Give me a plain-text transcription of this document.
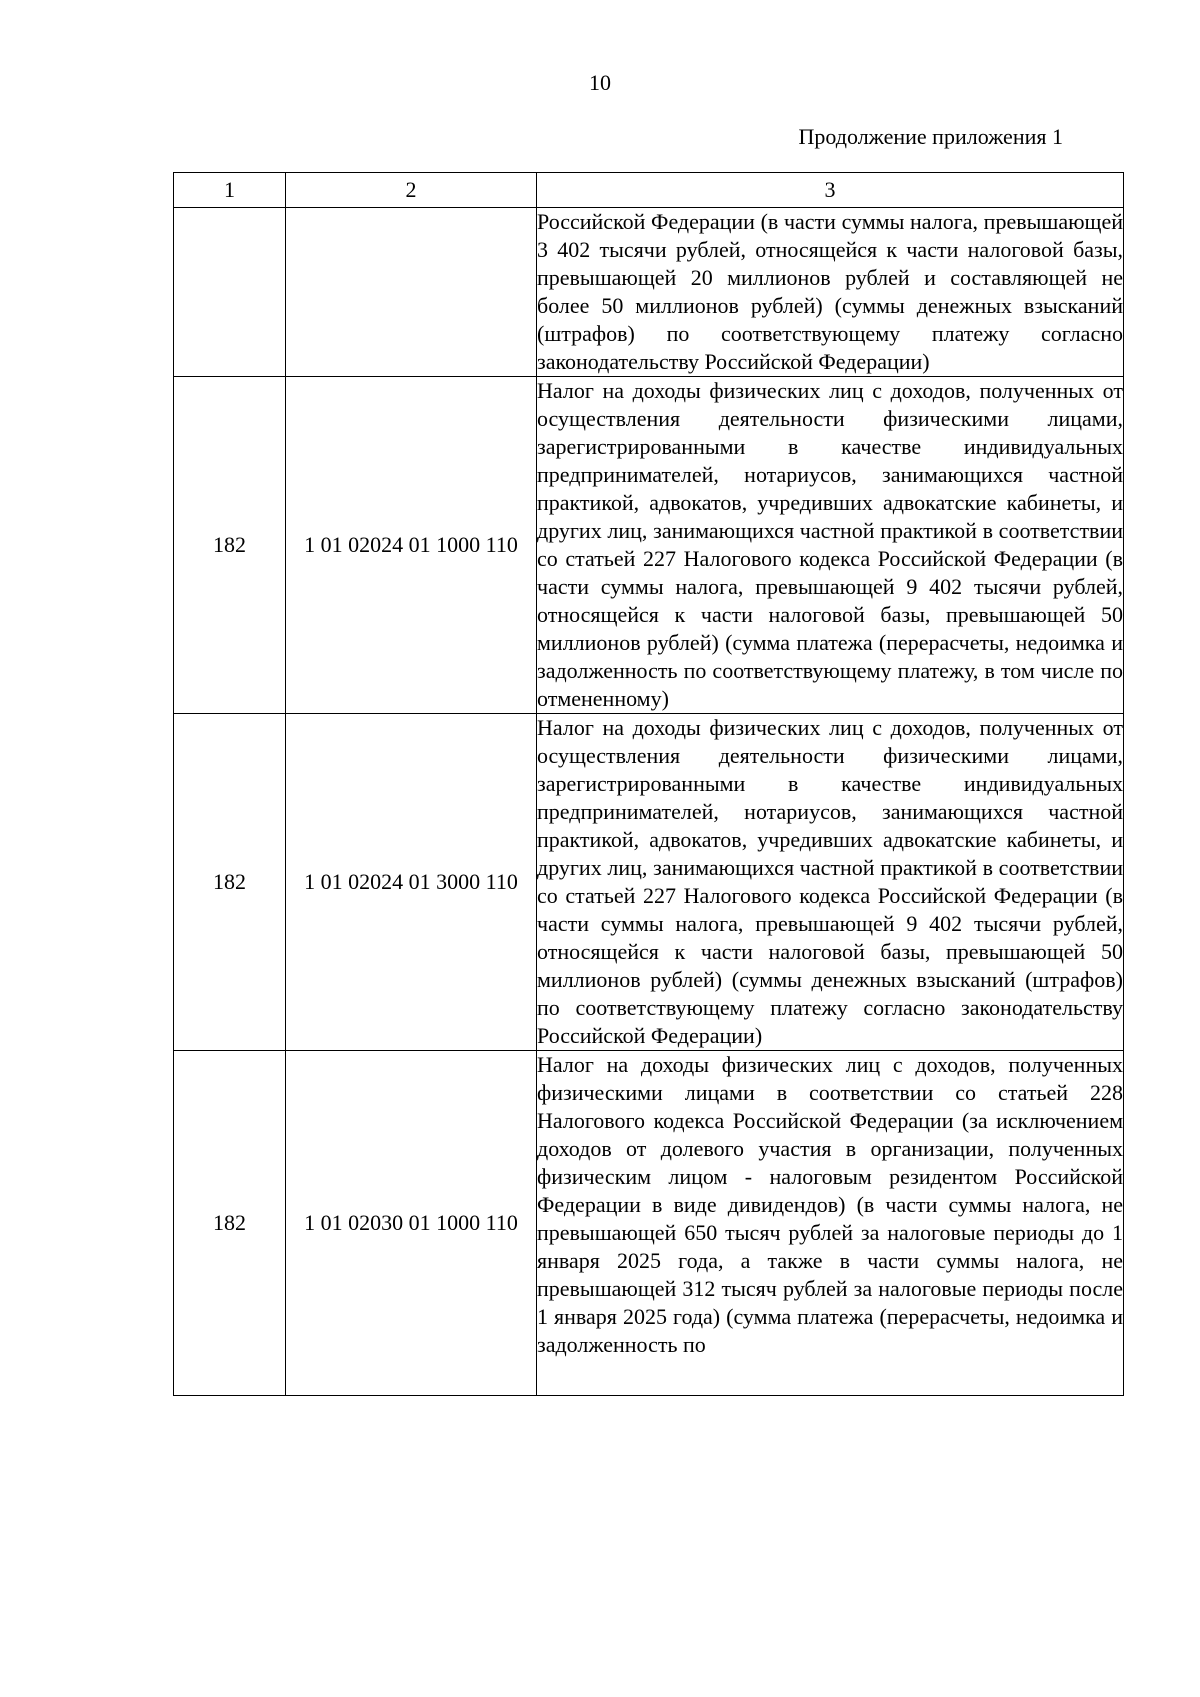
10
Продолжение приложения 1
1	2	3
		Российской Федерации (в части суммы налога, превышающей 3 402 тысячи рублей, относящейся к части налоговой базы, превышающей 20 миллионов рублей и составляющей не более 50 миллионов рублей) (суммы денежных взысканий (штрафов) по соответствующему платежу согласно законодательству Российской Федерации)
182	1 01 02024 01 1000 110	Налог на доходы физических лиц с доходов, полученных от осуществления деятельности физическими лицами, зарегистрированными в качестве индивидуальных предпринимателей, нотариусов, занимающихся частной практикой, адвокатов, учредивших адвокатские кабинеты, и других лиц, занимающихся частной практикой в соответствии со статьей 227 Налогового кодекса Российской Федерации (в части суммы налога, превышающей 9 402 тысячи рублей, относящейся к части налоговой базы, превышающей 50 миллионов рублей) (сумма платежа (перерасчеты, недоимка и задолженность по соответствующему платежу, в том числе по отмененному)
182	1 01 02024 01 3000 110	Налог на доходы физических лиц с доходов, полученных от осуществления деятельности физическими лицами, зарегистрированными в качестве индивидуальных предпринимателей, нотариусов, занимающихся частной практикой, адвокатов, учредивших адвокатские кабинеты, и других лиц, занимающихся частной практикой в соответствии со статьей 227 Налогового кодекса Российской Федерации (в части суммы налога, превышающей 9 402 тысячи рублей, относящейся к части налоговой базы, превышающей 50 миллионов рублей) (суммы денежных взысканий (штрафов) по соответствующему платежу согласно законодательству Российской Федерации)
182	1 01 02030 01 1000 110	Налог на доходы физических лиц с доходов, полученных физическими лицами в соответствии со статьей 228 Налогового кодекса Российской Федерации (за исключением доходов от долевого участия в организации, полученных физическим лицом - налоговым резидентом Российской Федерации в виде дивидендов) (в части суммы налога, не превышающей 650 тысяч рублей за налоговые периоды до 1 января 2025 года, а также в части суммы налога, не превышающей 312 тысяч рублей за налоговые периоды после 1 января 2025 года) (сумма платежа (перерасчеты, недоимка и задолженность по
